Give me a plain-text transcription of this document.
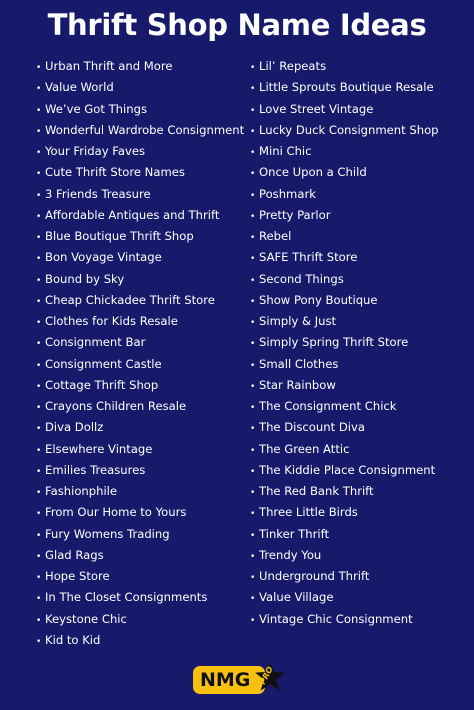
Thrift Shop Name Ideas
• Urban Thrift and More
• Value World
• We’ve Got Things
• Wonderful Wardrobe Consignment
• Your Friday Faves
• Cute Thrift Store Names
• 3 Friends Treasure
• Affordable Antiques and Thrift
• Blue Boutique Thrift Shop
• Bon Voyage Vintage
• Bound by Sky
• Cheap Chickadee Thrift Store
• Clothes for Kids Resale
• Consignment Bar
• Consignment Castle
• Cottage Thrift Shop
• Crayons Children Resale
• Diva Dollz
• Elsewhere Vintage
• Emilies Treasures
• Fashionphile
• From Our Home to Yours
• Fury Womens Trading
• Glad Rags
• Hope Store
• In The Closet Consignments
• Keystone Chic
• Kid to Kid
• Lil’ Repeats
• Little Sprouts Boutique Resale
• Love Street Vintage
• Lucky Duck Consignment Shop
• Mini Chic
• Once Upon a Child
• Poshmark
• Pretty Parlor
• Rebel
• SAFE Thrift Store
• Second Things
• Show Pony Boutique
• Simply & Just
• Simply Spring Thrift Store
• Small Clothes
• Star Rainbow
• The Consignment Chick
• The Discount Diva
• The Green Attic
• The Kiddie Place Consignment
• The Red Bank Thrift
• Three Little Birds
• Tinker Thrift
• Trendy You
• Underground Thrift
• Value Village
• Vintage Chic Consignment
NMG PRO
